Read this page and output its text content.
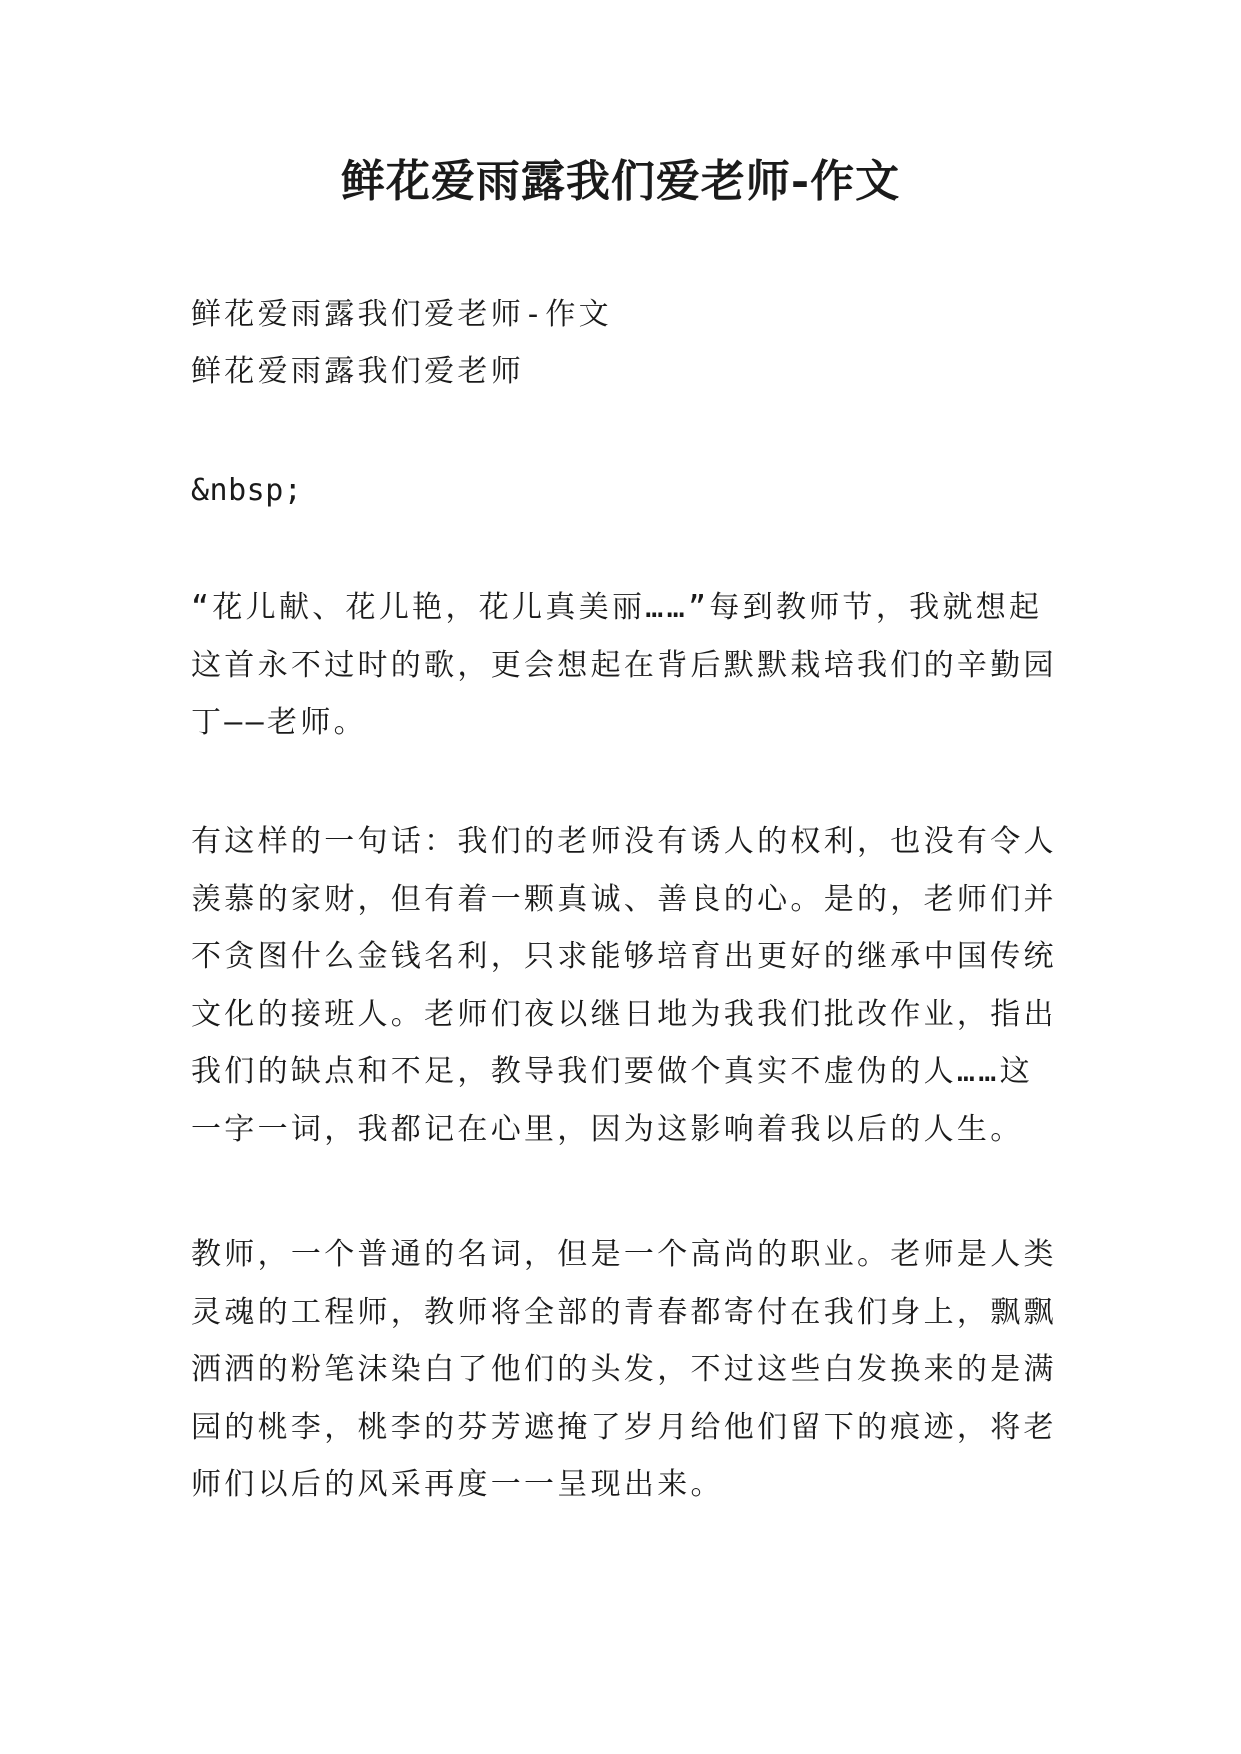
鲜花爱雨露我们爱老师-作文

鲜花爱雨露我们爱老师-作文

鲜花爱雨露我们爱老师

&nbsp;

“花儿献、花儿艳，花儿真美丽……”每到教师节，我就想起这首永不过时的歌，更会想起在背后默默栽培我们的辛勤园丁——老师。

有这样的一句话：我们的老师没有诱人的权利，也没有令人羡慕的家财，但有着一颗真诚、善良的心。是的，老师们并不贪图什么金钱名利，只求能够培育出更好的继承中国传统文化的接班人。老师们夜以继日地为我我们批改作业，指出我们的缺点和不足，教导我们要做个真实不虚伪的人……这一字一词，我都记在心里，因为这影响着我以后的人生。

教师，一个普通的名词，但是一个高尚的职业。老师是人类灵魂的工程师，教师将全部的青春都寄付在我们身上，飘飘洒洒的粉笔沫染白了他们的头发，不过这些白发换来的是满园的桃李，桃李的芬芳遮掩了岁月给他们留下的痕迹，将老师们以后的风采再度一一呈现出来。
